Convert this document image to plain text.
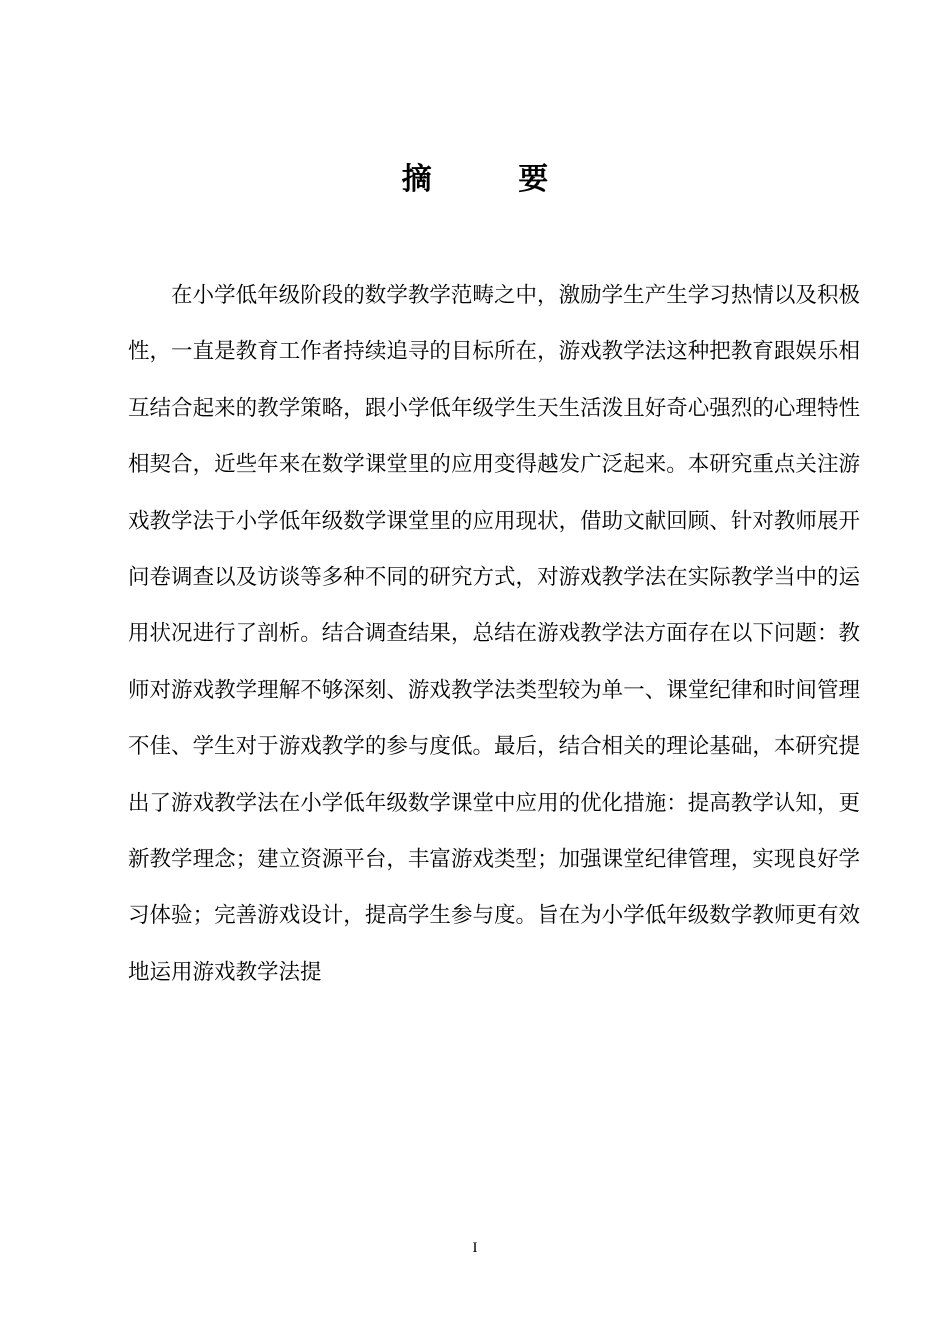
摘 要

在小学低年级阶段的数学教学范畴之中，激励学生产生学习热情以及积极性，一直是教育工作者持续追寻的目标所在，游戏教学法这种把教育跟娱乐相互结合起来的教学策略，跟小学低年级学生天生活泼且好奇心强烈的心理特性相契合，近些年来在数学课堂里的应用变得越发广泛起来。本研究重点关注游戏教学法于小学低年级数学课堂里的应用现状，借助文献回顾、针对教师展开问卷调查以及访谈等多种不同的研究方式，对游戏教学法在实际教学当中的运用状况进行了剖析。结合调查结果，总结在游戏教学法方面存在以下问题：教师对游戏教学理解不够深刻、游戏教学法类型较为单一、课堂纪律和时间管理不佳、学生对于游戏教学的参与度低。最后，结合相关的理论基础，本研究提出了游戏教学法在小学低年级数学课堂中应用的优化措施：提高教学认知，更新教学理念；建立资源平台，丰富游戏类型；加强课堂纪律管理，实现良好学习体验；完善游戏设计，提高学生参与度。旨在为小学低年级数学教师更有效地运用游戏教学法提

I
